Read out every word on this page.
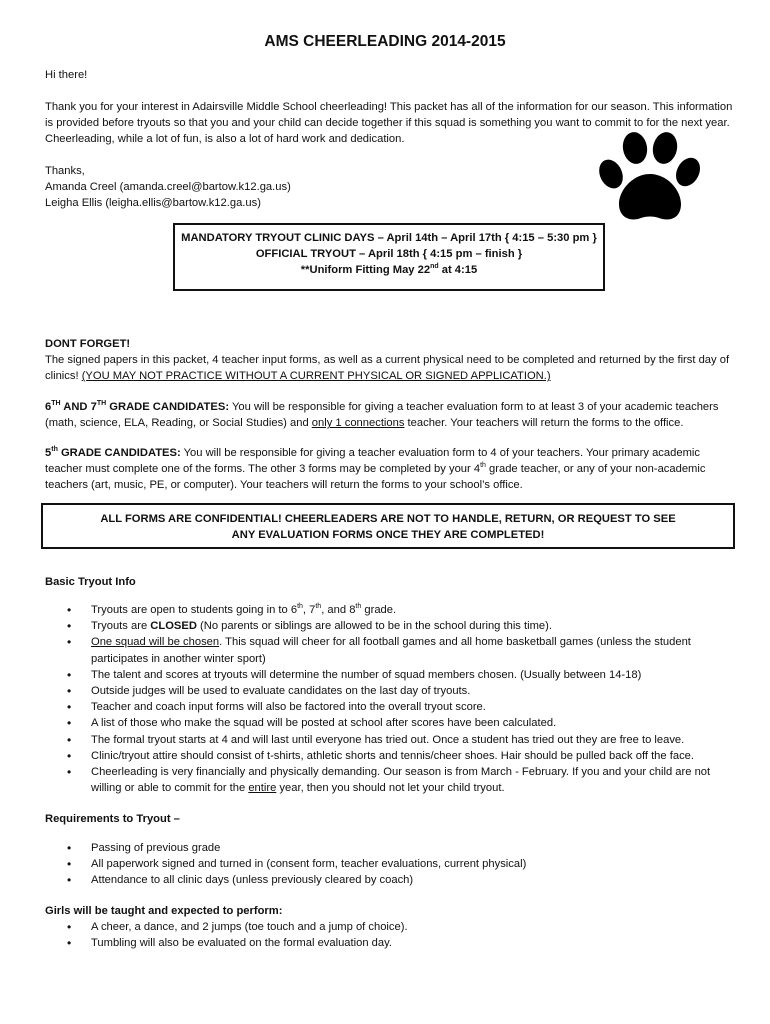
AMS CHEERLEADING 2014-2015

Hi there!

Thank you for your interest in Adairsville Middle School cheerleading! This packet has all of the information for our season. This information is provided before tryouts so that you and your child can decide together if this squad is something you want to commit to for the next year. Cheerleading, while a lot of fun, is also a lot of hard work and dedication.

Thanks,

Amanda Creel (amanda.creel@bartow.k12.ga.us)

Leigha Ellis (leigha.ellis@bartow.k12.ga.us)

MANDATORY TRYOUT CLINIC DAYS – April 14th – April 17th { 4:15 – 5:30 pm }

OFFICIAL TRYOUT – April 18th { 4:15 pm – finish }

**Uniform Fitting May 22nd at 4:15

DONT FORGET!

The signed papers in this packet, 4 teacher input forms, as well as a current physical need to be completed and returned by the first day of clinics! (YOU MAY NOT PRACTICE WITHOUT A CURRENT PHYSICAL OR SIGNED APPLICATION.)

6TH AND 7TH GRADE CANDIDATES: You will be responsible for giving a teacher evaluation form to at least 3 of your academic teachers (math, science, ELA, Reading, or Social Studies) and only 1 connections teacher. Your teachers will return the forms to the office.

5th GRADE CANDIDATES: You will be responsible for giving a teacher evaluation form to 4 of your teachers. Your primary academic teacher must complete one of the forms. The other 3 forms may be completed by your 4th grade teacher, or any of your non-academic teachers (art, music, PE, or computer). Your teachers will return the forms to your school’s office.

ALL FORMS ARE CONFIDENTIAL! CHEERLEADERS ARE NOT TO HANDLE, RETURN, OR REQUEST TO SEE ANY EVALUATION FORMS ONCE THEY ARE COMPLETED!

Basic Tryout Info

• Tryouts are open to students going in to 6th, 7th, and 8th grade.
• Tryouts are CLOSED (No parents or siblings are allowed to be in the school during this time).
• One squad will be chosen. This squad will cheer for all football games and all home basketball games (unless the student participates in another winter sport)
• The talent and scores at tryouts will determine the number of squad members chosen. (Usually between 14-18)
• Outside judges will be used to evaluate candidates on the last day of tryouts.
• Teacher and coach input forms will also be factored into the overall tryout score.
• A list of those who make the squad will be posted at school after scores have been calculated.
• The formal tryout starts at 4 and will last until everyone has tried out. Once a student has tried out they are free to leave.
• Clinic/tryout attire should consist of t-shirts, athletic shorts and tennis/cheer shoes. Hair should be pulled back off the face.
• Cheerleading is very financially and physically demanding. Our season is from March - February. If you and your child are not willing or able to commit for the entire year, then you should not let your child tryout.

Requirements to Tryout –

• Passing of previous grade
• All paperwork signed and turned in (consent form, teacher evaluations, current physical)
• Attendance to all clinic days (unless previously cleared by coach)

Girls will be taught and expected to perform:

• A cheer, a dance, and 2 jumps (toe touch and a jump of choice).
• Tumbling will also be evaluated on the formal evaluation day.
